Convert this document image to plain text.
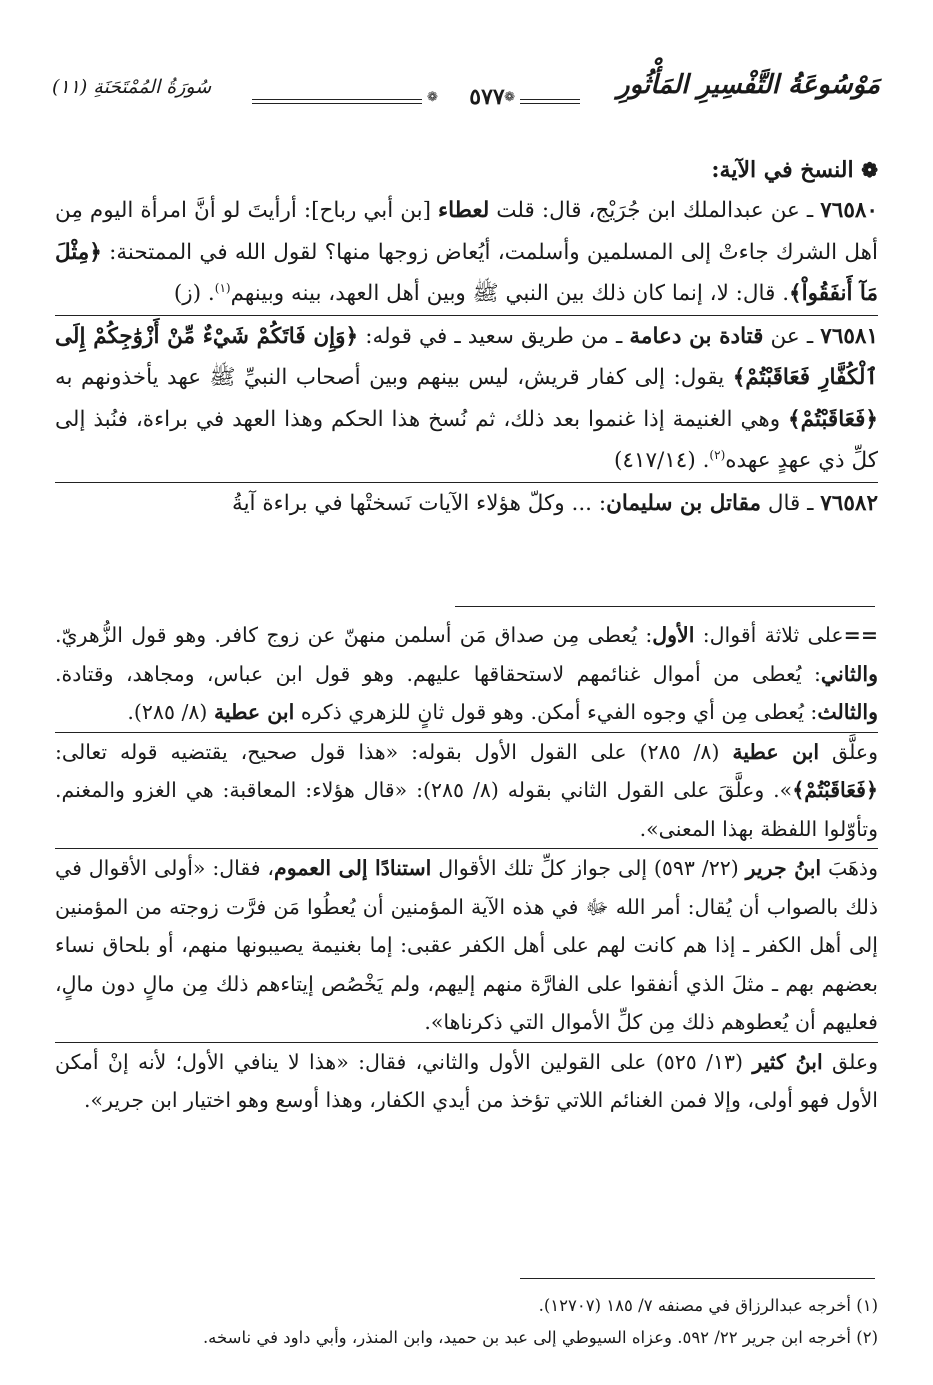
مَوْسُوعَةُ التَّفْسِيرِ المَأْثُورِ
❁
٥٧٧
❁
سُورَةُ المُمْتَحَنَةِ (١١)

❁ النسخ في الآية:

٧٦٥٨٠ ـ عن عبدالملك ابن جُرَيْج، قال: قلت لعطاء [بن أبي رباح]: أرأيتَ لو أنَّ امرأة اليوم مِن أهل الشرك جاءتْ إلى المسلمين وأسلمت، أيُعاض زوجها منها؟ لقول الله في الممتحنة: ﴿مِثْلَ مَآ أَنفَقُواْ﴾. قال: لا، إنما كان ذلك بين النبي ﷺ وبين أهل العهد، بينه وبينهم$^{(١)}$. (ز)

٧٦٥٨١ ـ عن قتادة بن دعامة ـ من طريق سعيد ـ في قوله: ﴿وَإِن فَاتَكُمْ شَيْءٌ مِّنْ أَزْوَٰجِكُمْ إِلَى ٱلْكُفَّارِ فَعَاقَبْتُمْ﴾ يقول: إلى كفار قريش، ليس بينهم وبين أصحاب النبيِّ ﷺ عهد يأخذونهم به ﴿فَعَاقَبْتُمْ﴾ وهي الغنيمة إذا غنموا بعد ذلك، ثم نُسخ هذا الحكم وهذا العهد في براءة، فنُبذ إلى كلِّ ذي عهدٍ عهده$^{(٢)}$. (٤١٧/١٤)

٧٦٥٨٢ ـ قال مقاتل بن سليمان: ... وكلّ هؤلاء الآيات نَسختْها في براءة آيةُ

==على ثلاثة أقوال: الأول: يُعطى مِن صداق مَن أسلمن منهنّ عن زوج كافر. وهو قول الزُّهريّ. والثاني: يُعطى من أموال غنائمهم لاستحقاقها عليهم. وهو قول ابن عباس، ومجاهد، وقتادة. والثالث: يُعطى مِن أي وجوه الفيء أمكن. وهو قول ثانٍ للزهري ذكره ابن عطية (٨/ ٢٨٥).

وعلَّق ابن عطية (٨/ ٢٨٥) على القول الأول بقوله: «هذا قول صحيح، يقتضيه قوله تعالى: ﴿فَعَاقَبْتُمْ﴾». وعلَّقَ على القول الثاني بقوله (٨/ ٢٨٥): «قال هؤلاء: المعاقبة: هي الغزو والمغنم. وتأوّلوا اللفظة بهذا المعنى».

وذهَبَ ابنُ جرير (٢٢/ ٥٩٣) إلى جواز كلِّ تلك الأقوال استنادًا إلى العموم، فقال: «أولى الأقوال في ذلك بالصواب أن يُقال: أمر الله ﷻ في هذه الآية المؤمنين أن يُعطُوا مَن فرَّت زوجته من المؤمنين إلى أهل الكفر ـ إذا هم كانت لهم على أهل الكفر عقبى: إما بغنيمة يصيبونها منهم، أو بلحاق نساء بعضهم بهم ـ مثلَ الذي أنفقوا على الفارَّة منهم إليهم، ولم يَخْصُص إيتاءهم ذلك مِن مالٍ دون مالٍ، فعليهم أن يُعطوهم ذلك مِن كلِّ الأموال التي ذكرناها».

وعلق ابنُ كثير (١٣/ ٥٢٥) على القولين الأول والثاني، فقال: «هذا لا ينافي الأول؛ لأنه إنْ أمكن الأول فهو أولى، وإلا فمن الغنائم اللاتي تؤخذ من أيدي الكفار، وهذا أوسع وهو اختيار ابن جرير».

(١) أخرجه عبدالرزاق في مصنفه ٧/ ١٨٥ (١٢٧٠٧).

(٢) أخرجه ابن جرير ٢٢/ ٥٩٢. وعزاه السيوطي إلى عبد بن حميد، وابن المنذر، وأبي داود في ناسخه.
